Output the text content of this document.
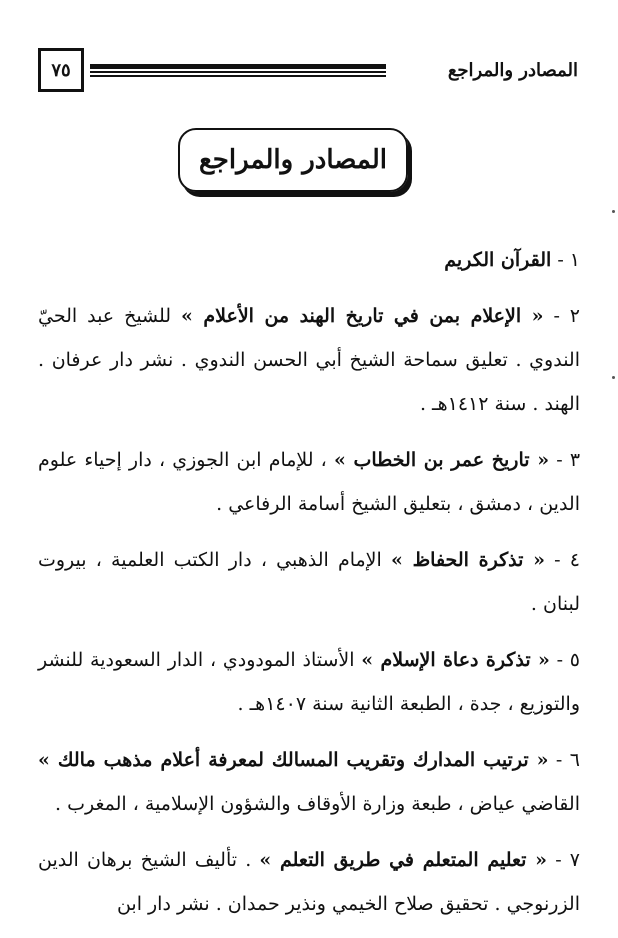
٧٥	المصادر والمراجع
المصادر والمراجع

١ - القرآن الكريم

٢ - « الإعلام بمن في تاريخ الهند من الأعلام » للشيخ عبد الحيّ الندوي . تعليق سماحة الشيخ أبي الحسن الندوي . نشر دار عرفان . الهند . سنة ١٤١٢هـ .

٣ - « تاريخ عمر بن الخطاب » ، للإمام ابن الجوزي ، دار إحياء علوم الدين ، دمشق ، بتعليق الشيخ أسامة الرفاعي .

٤ - « تذكرة الحفاظ » الإمام الذهبي ، دار الكتب العلمية ، بيروت لبنان .

٥ - « تذكرة دعاة الإسلام » الأستاذ المودودي ، الدار السعودية للنشر والتوزيع ، جدة ، الطبعة الثانية سنة ١٤٠٧هـ .

٦ - « ترتيب المدارك وتقريب المسالك لمعرفة أعلام مذهب مالك » القاضي عياض ، طبعة وزارة الأوقاف والشؤون الإسلامية ، المغرب .

٧ - « تعليم المتعلم في طريق التعلم » . تأليف الشيخ برهان الدين الزرنوجي . تحقيق صلاح الخيمي ونذير حمدان . نشر دار ابن
